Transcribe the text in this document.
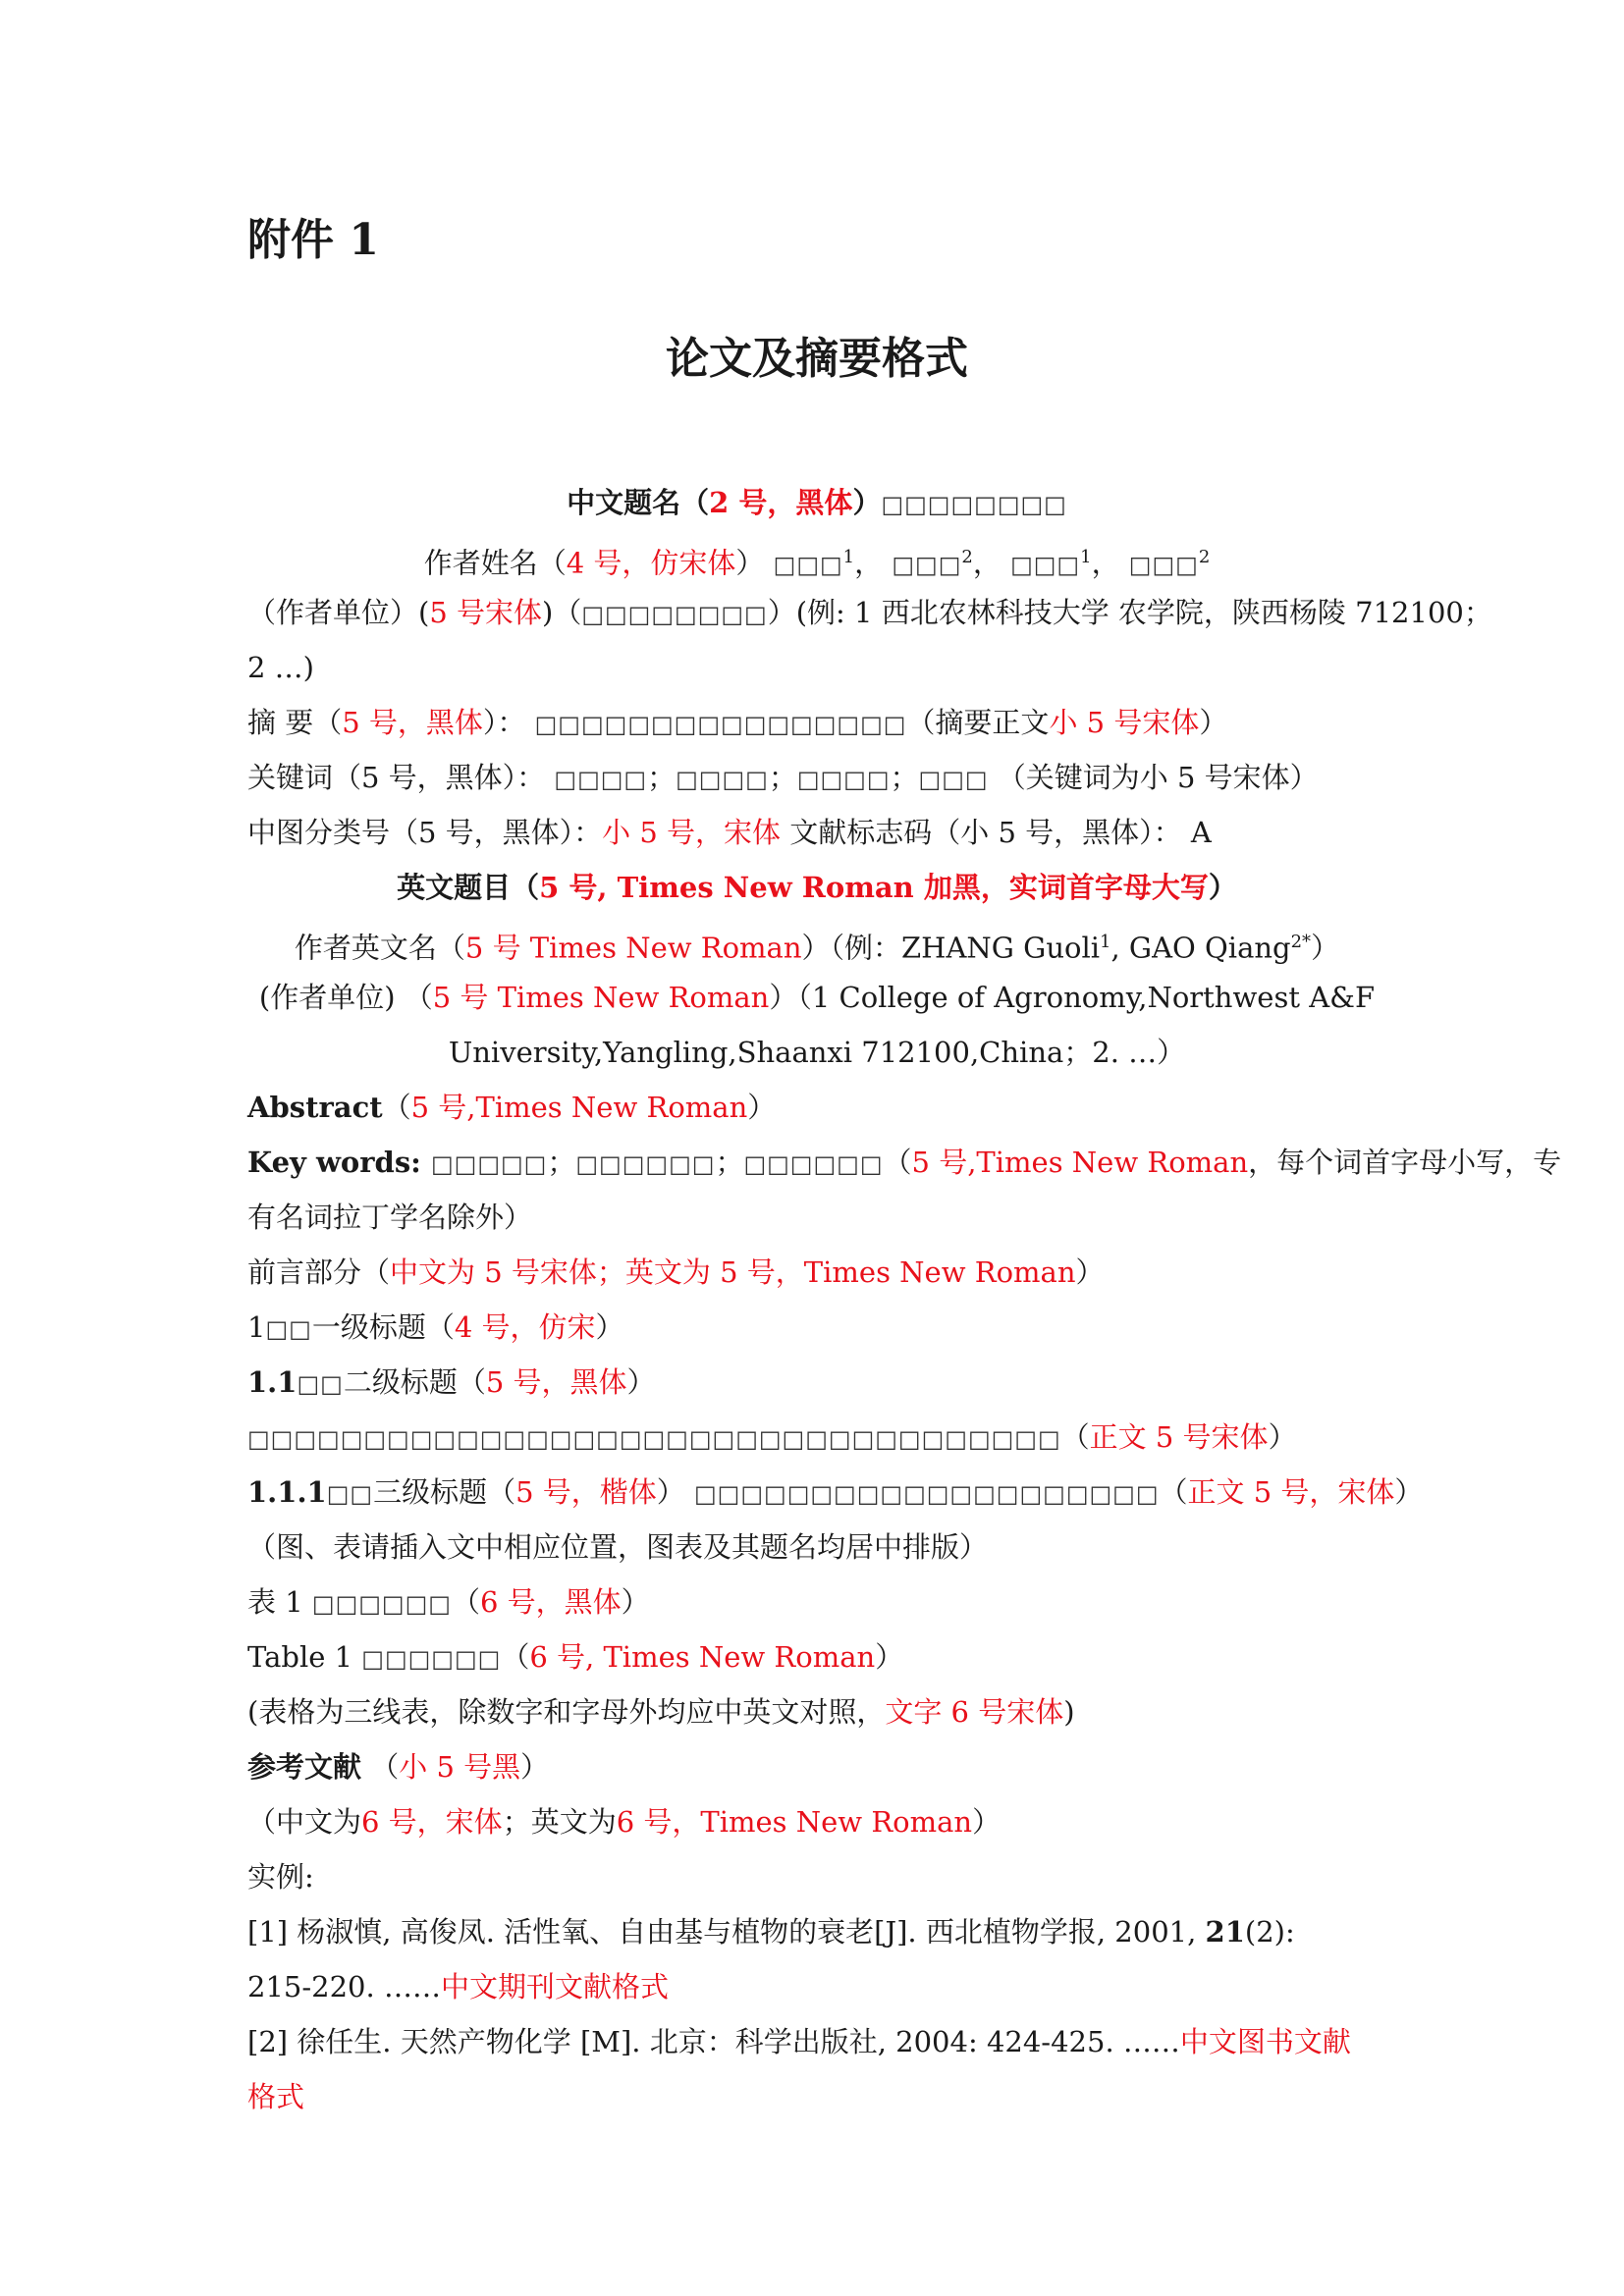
附件 1
论文及摘要格式
中文题名（2 号，黑体）□□□□□□□□
作者姓名（4 号，仿宋体） □□□$^1$， □□□$^2$， □□□$^1$， □□□$^2$
（作者单位）(5 号宋体)（□□□□□□□□）(例: 1 西北农林科技大学 农学院，陕西杨陵 712100；
2 …)
摘 要（5 号，黑体）： □□□□□□□□□□□□□□□□（摘要正文小 5 号宋体）
关键词（5 号，黑体）： □□□□；□□□□；□□□□；□□□ （关键词为小 5 号宋体）
中图分类号（5 号，黑体）：小 5 号，宋体 文献标志码（小 5 号，黑体）： A
英文题目（5 号, Times New Roman 加黑，实词首字母大写）
作者英文名（5 号 Times New Roman）（例：ZHANG Guoli$^1$, GAO Qiang$^{2*}$）
(作者单位) （5 号 Times New Roman）（1 College of Agronomy,Northwest A&F
University,Yangling,Shaanxi 712100,China；2. …）
Abstract（5 号,Times New Roman）
Key words: □□□□□；□□□□□□；□□□□□□（5 号,Times New Roman，每个词首字母小写，专
有名词拉丁学名除外）
前言部分（中文为 5 号宋体；英文为 5 号，Times New Roman）
1□□一级标题（4 号，仿宋）
1.1□□二级标题（5 号，黑体）
□□□□□□□□□□□□□□□□□□□□□□□□□□□□□□□□□□□（正文 5 号宋体）
1.1.1□□三级标题（5 号，楷体） □□□□□□□□□□□□□□□□□□□□（正文 5 号，宋体）
（图、表请插入文中相应位置，图表及其题名均居中排版）
表 1 □□□□□□（6 号，黑体）
Table 1 □□□□□□（6 号, Times New Roman）
(表格为三线表，除数字和字母外均应中英文对照，文字 6 号宋体)
参考文献 （小 5 号黑）
（中文为6 号，宋体；英文为6 号，Times New Roman）
实例:
[1] 杨淑慎, 高俊凤. 活性氧、自由基与植物的衰老[J]. 西北植物学报, 2001, 21(2):
215-220. ……中文期刊文献格式
[2] 徐任生. 天然产物化学 [M]. 北京：科学出版社, 2004: 424-425. ……中文图书文献
格式
